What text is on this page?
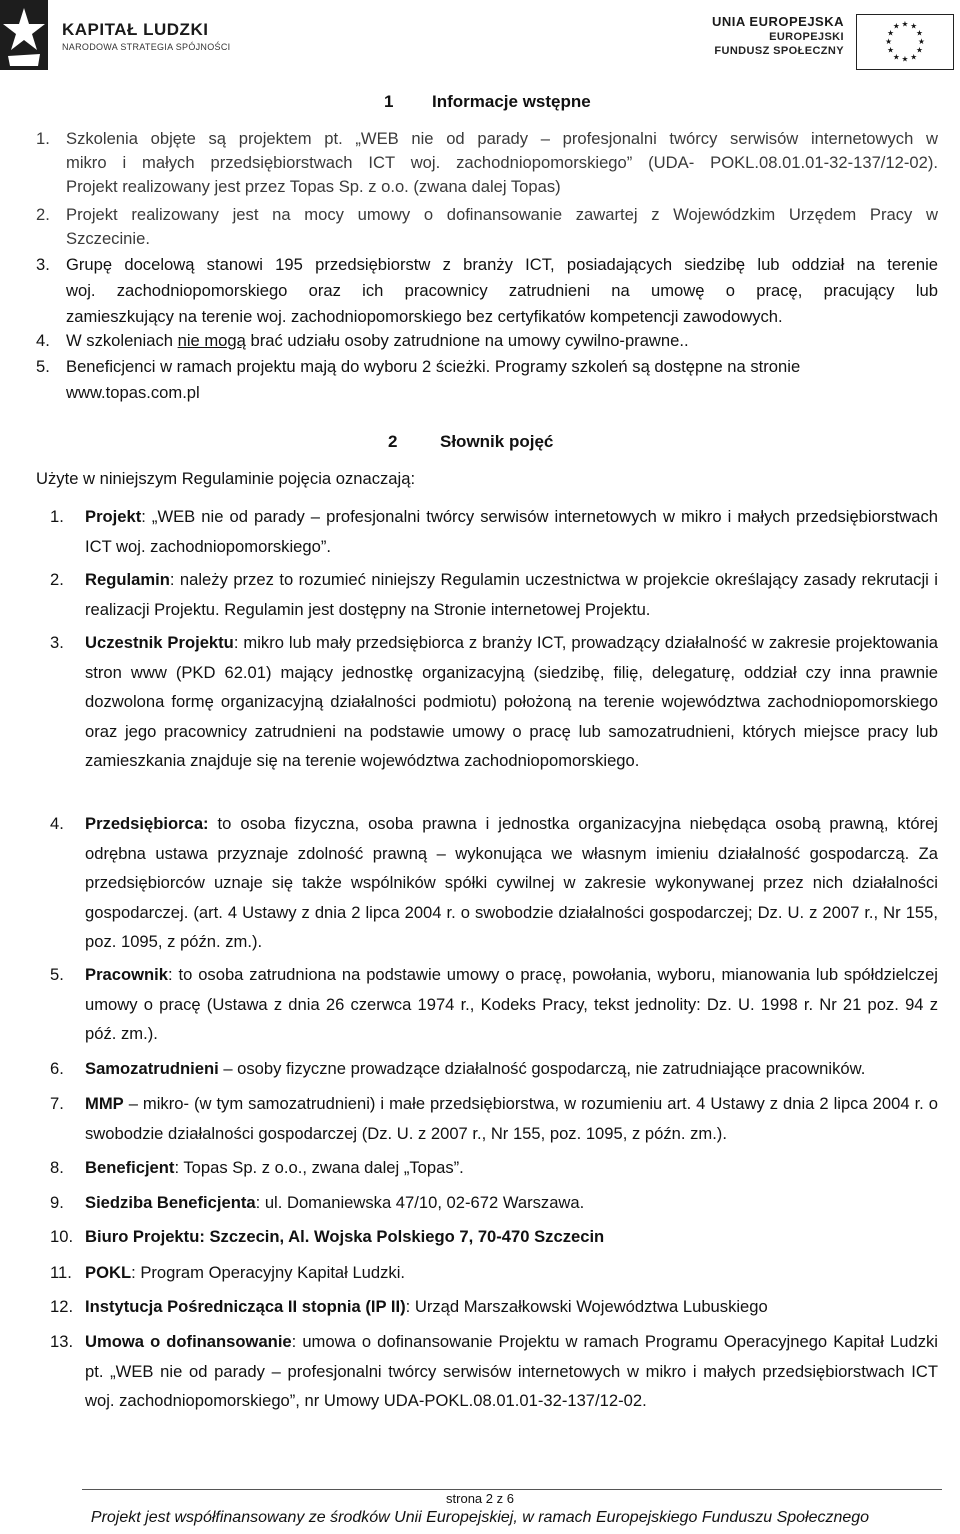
KAPITAŁ LUDZKI
NARODOWA STRATEGIA SPÓJNOŚCI
UNIA EUROPEJSKA
EUROPEJSKI
FUNDUSZ SPOŁECZNY
★ ★
★
★
★
★
★
★
★
★
★
★
1 Informacje wstępne
1. Szkolenia objęte są projektem pt. „WEB nie od parady – profesjonalni twórcy serwisów internetowych w
mikro i małych przedsiębiorstwach ICT woj. zachodniopomorskiego” (UDA- POKL.08.01.01-32-137/12-02).
Projekt realizowany jest przez Topas Sp. z o.o. (zwana dalej Topas)
2. Projekt realizowany jest na mocy umowy o dofinansowanie zawartej z Wojewódzkim Urzędem Pracy w
Szczecinie.
3. Grupę docelową stanowi 195 przedsiębiorstw z branży ICT, posiadających siedzibę lub oddział na terenie
woj. zachodniopomorskiego oraz ich pracownicy zatrudnieni na umowę o pracę, pracujący lub
zamieszkujący na terenie woj. zachodniopomorskiego bez certyfikatów kompetencji zawodowych.
4. W szkoleniach nie mogą brać udziału osoby zatrudnione na umowy cywilno-prawne..
5. Beneficjenci w ramach projektu mają do wyboru 2 ścieżki. Programy szkoleń są dostępne na stronie
www.topas.com.pl
2	Słownik pojęć
Użyte w niniejszym Regulaminie pojęcia oznaczają:
1. Projekt: „WEB nie od parady – profesjonalni twórcy serwisów internetowych w mikro i małych przedsiębiorstwach ICT woj. zachodniopomorskiego”.
2. Regulamin: należy przez to rozumieć niniejszy Regulamin uczestnictwa w projekcie określający zasady rekrutacji i realizacji Projektu. Regulamin jest dostępny na Stronie internetowej Projektu.
3. Uczestnik Projektu: mikro lub mały przedsiębiorca z branży ICT, prowadzący działalność w zakresie projektowania stron www (PKD 62.01) mający jednostkę organizacyjną (siedzibę, filię, delegaturę, oddział czy inna prawnie dozwolona formę organizacyjną działalności podmiotu) położoną na terenie województwa zachodniopomorskiego oraz jego pracownicy zatrudnieni na podstawie umowy o pracę lub samozatrudnieni, których miejsce pracy lub zamieszkania znajduje się na terenie województwa zachodniopomorskiego.
4. Przedsiębiorca: to osoba fizyczna, osoba prawna i jednostka organizacyjna niebędąca osobą prawną, której odrębna ustawa przyznaje zdolność prawną – wykonująca we własnym imieniu działalność gospodarczą. Za przedsiębiorców uznaje się także wspólników spółki cywilnej w zakresie wykonywanej przez nich działalności gospodarczej. (art. 4 Ustawy z dnia 2 lipca 2004 r. o swobodzie działalności gospodarczej; Dz. U. z 2007 r., Nr 155, poz. 1095, z późn. zm.).
5. Pracownik: to osoba zatrudniona na podstawie umowy o pracę, powołania, wyboru, mianowania lub spółdzielczej umowy o pracę (Ustawa z dnia 26 czerwca 1974 r., Kodeks Pracy, tekst jednolity: Dz. U. 1998 r. Nr 21 poz. 94 z póź. zm.).
6. Samozatrudnieni – osoby fizyczne prowadzące działalność gospodarczą, nie zatrudniające pracowników.
7. MMP – mikro- (w tym samozatrudnieni) i małe przedsiębiorstwa, w rozumieniu art. 4 Ustawy z dnia 2 lipca 2004 r. o swobodzie działalności gospodarczej (Dz. U. z 2007 r., Nr 155, poz. 1095, z późn. zm.).
8. Beneficjent: Topas Sp. z o.o., zwana dalej „Topas”.
9. Siedziba Beneficjenta: ul. Domaniewska 47/10, 02-672 Warszawa.
10. Biuro Projektu: Szczecin, Al. Wojska Polskiego 7, 70-470 Szczecin
11. POKL: Program Operacyjny Kapitał Ludzki.
12. Instytucja Pośrednicząca II stopnia (IP II): Urząd Marszałkowski Województwa Lubuskiego
13. Umowa o dofinansowanie: umowa o dofinansowanie Projektu w ramach Programu Operacyjnego Kapitał Ludzki pt. „WEB nie od parady – profesjonalni twórcy serwisów internetowych w mikro i małych przedsiębiorstwach ICT woj. zachodniopomorskiego”, nr Umowy UDA-POKL.08.01.01-32-137/12-02.
strona 2 z 6
Projekt jest współfinansowany ze środków Unii Europejskiej, w ramach Europejskiego Funduszu Społecznego
